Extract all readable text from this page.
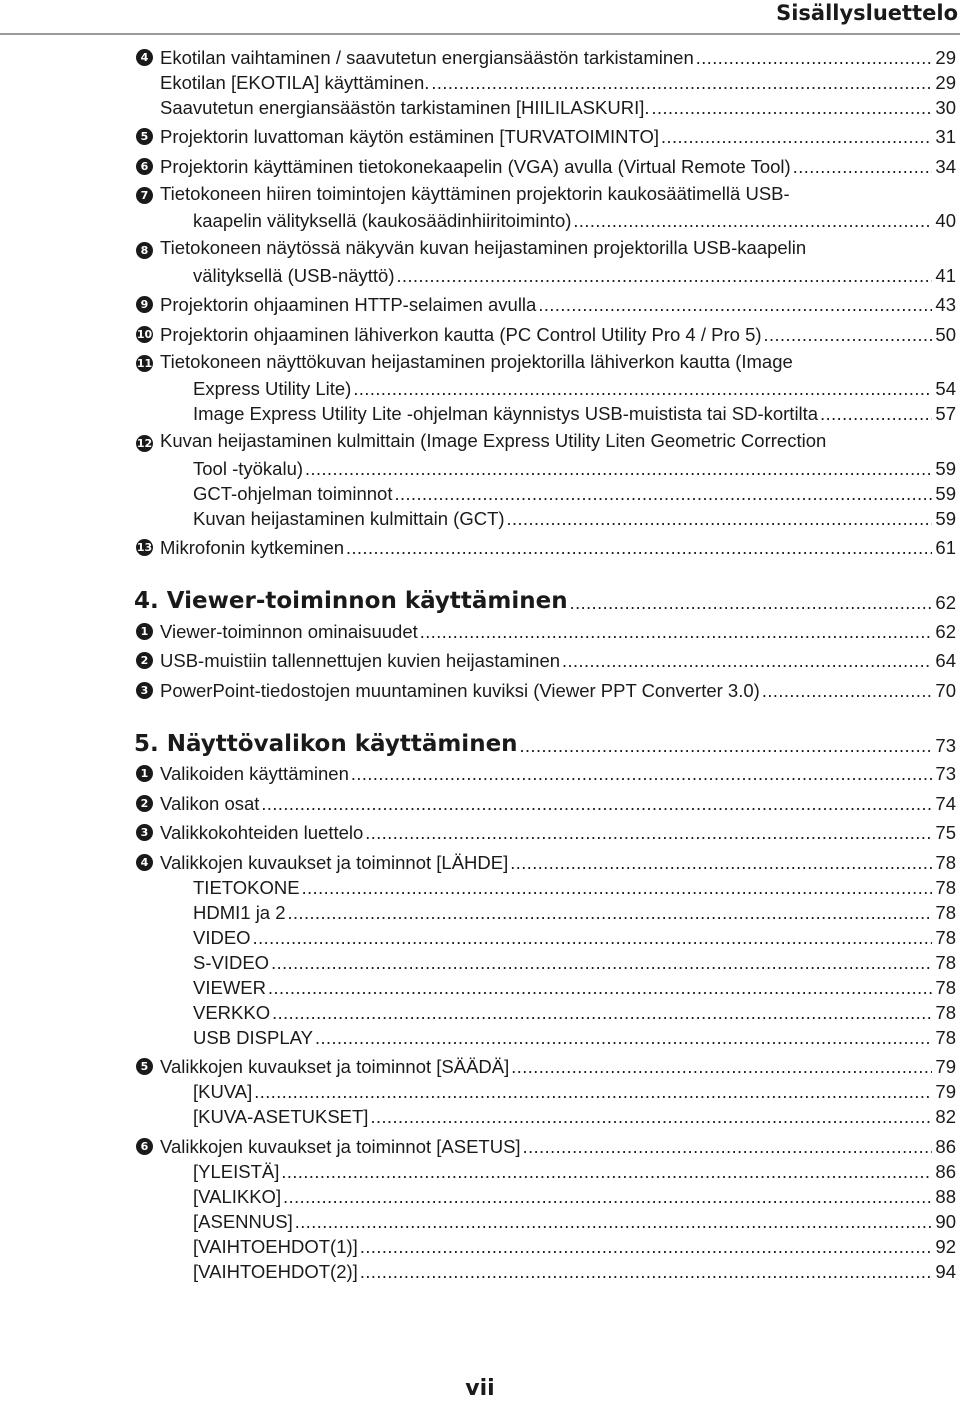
Sisällysluettelo
4 Ekotilan vaihtaminen / saavutetun energiansäästön tarkistaminen .....	29
Ekotilan [EKOTILA] käyttäminen. .....	29
Saavutetun energiansäästön tarkistaminen [HIILILASKURI]. .....	30
5 Projektorin luvattoman käytön estäminen [TURVATOIMINTO] .....	31
6 Projektorin käyttäminen tietokonekaapelin (VGA) avulla (Virtual Remote Tool) .....	34
7 Tietokoneen hiiren toimintojen käyttäminen projektorin kaukosäätimellä USB-
kaapelin välityksellä (kaukosäädinhiiritoiminto) .....	40
8 Tietokoneen näytössä näkyvän kuvan heijastaminen projektorilla USB-kaapelin
välityksellä (USB-näyttö) .....	41
9 Projektorin ohjaaminen HTTP-selaimen avulla .....	43
10 Projektorin ohjaaminen lähiverkon kautta (PC Control Utility Pro 4 / Pro 5) .....	50
11 Tietokoneen näyttökuvan heijastaminen projektorilla lähiverkon kautta (Image
Express Utility Lite) .....	54
Image Express Utility Lite -ohjelman käynnistys USB-muistista tai SD-kortilta .....	57
12 Kuvan heijastaminen kulmittain (Image Express Utility Liten Geometric Correction
Tool -työkalu) .....	59
GCT-ohjelman toiminnot .....	59
Kuvan heijastaminen kulmittain (GCT) .....	59
13 Mikrofonin kytkeminen .....	61
4. Viewer-toiminnon käyttäminen .....	62
1 Viewer-toiminnon ominaisuudet .....	62
2 USB-muistiin tallennettujen kuvien heijastaminen .....	64
3 PowerPoint-tiedostojen muuntaminen kuviksi (Viewer PPT Converter 3.0) .....	70
5. Näyttövalikon käyttäminen .....	73
1 Valikoiden käyttäminen .....	73
2 Valikon osat .....	74
3 Valikkokohteiden luettelo .....	75
4 Valikkojen kuvaukset ja toiminnot [LÄHDE] .....	78
TIETOKONE .....	78
HDMI1 ja 2 .....	78
VIDEO .....	78
S-VIDEO .....	78
VIEWER .....	78
VERKKO .....	78
USB DISPLAY .....	78
5 Valikkojen kuvaukset ja toiminnot [SÄÄDÄ] .....	79
[KUVA] .....	79
[KUVA-ASETUKSET] .....	82
6 Valikkojen kuvaukset ja toiminnot [ASETUS] .....	86
[YLEISTÄ] .....	86
[VALIKKO] .....	88
[ASENNUS] .....	90
[VAIHTOEHDOT(1)] .....	92
[VAIHTOEHDOT(2)] .....	94
vii
